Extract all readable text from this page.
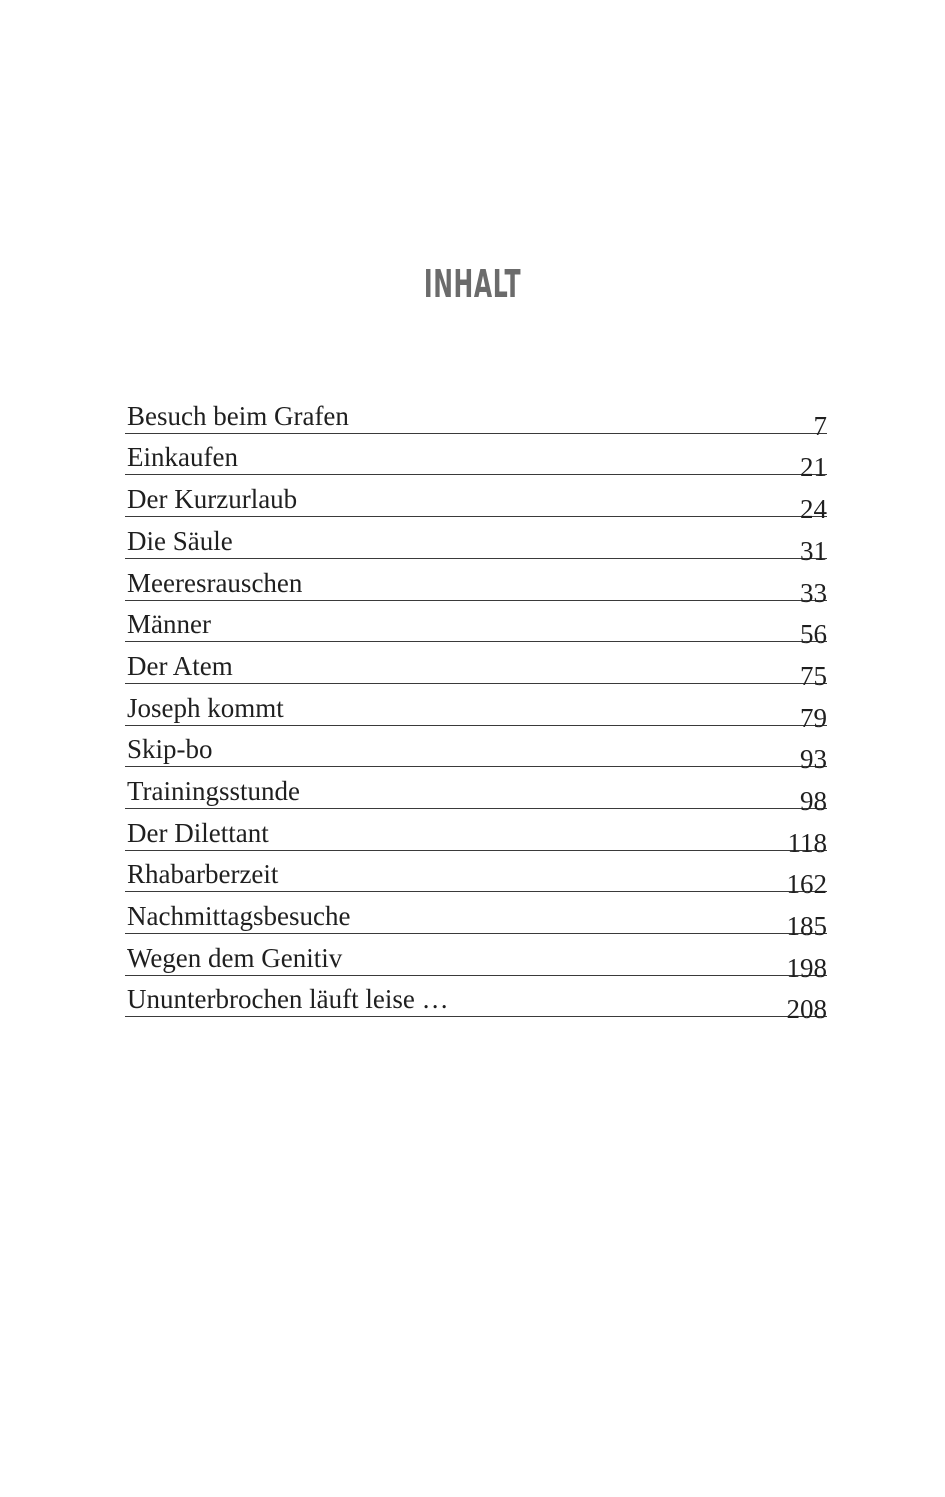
INHALT
Besuch beim Grafen	7
Einkaufen	21
Der Kurzurlaub	24
Die Säule	31
Meeresrauschen	33
Männer	56
Der Atem	75
Joseph kommt	79
Skip-bo	93
Trainingsstunde	98
Der Dilettant	118
Rhabarberzeit	162
Nachmittagsbesuche	185
Wegen dem Genitiv	198
Ununterbrochen läuft leise …	208
